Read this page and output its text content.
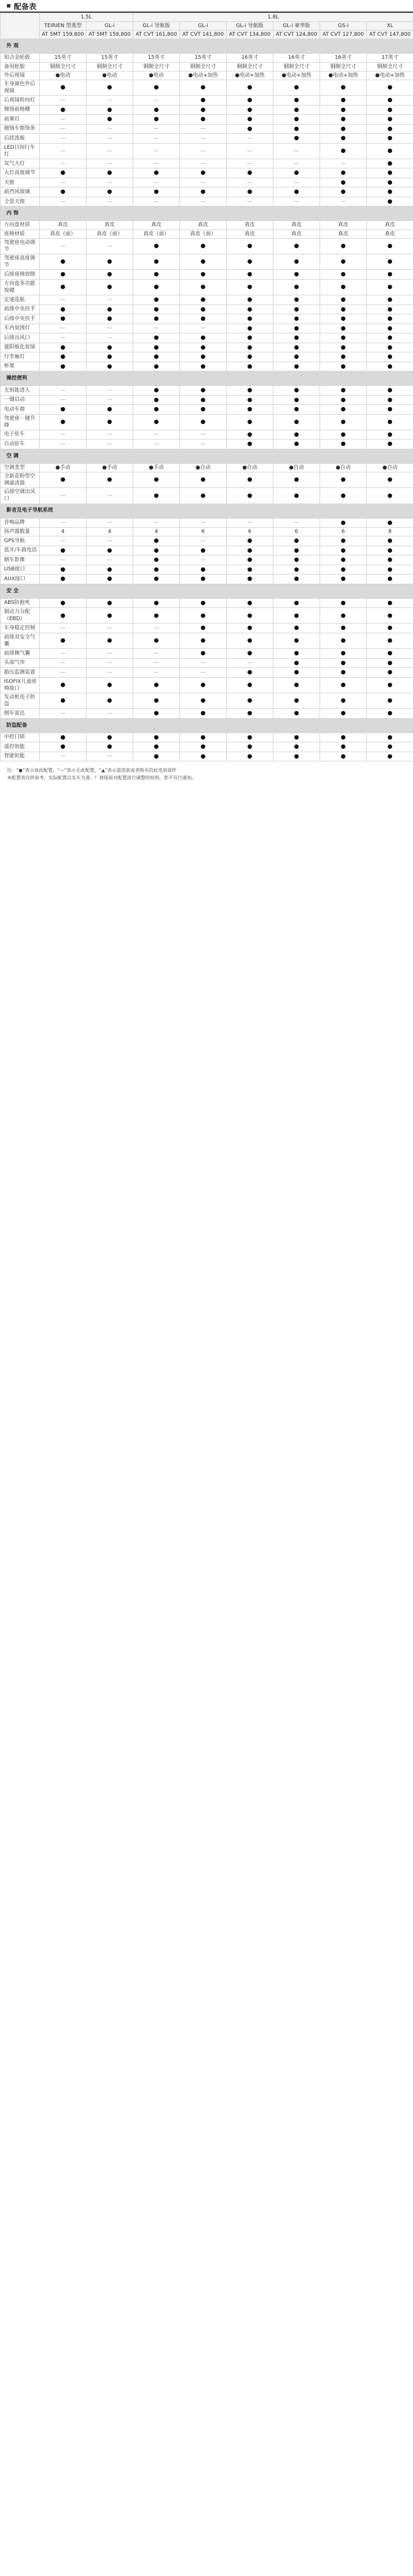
配备表
	1.5L		1.8L					
	TEIRIEN 型基型	GL-i	GL-i 导航版	GL-i	GL-i 导航版	GL-i 豪华版	GS-i	XL
	AT 5MT 159,800	AT 5MT 159,800	AT CVT 161,800	AT CVT 141,800	AT CVT 134,800	AT CVT 124,800	AT CVT 127,800	AT CVT 147,800
外 观								
铝合金轮毂	15英寸	15英寸	15英寸	15英寸	16英寸	16英寸	16英寸	17英寸
备用轮胎	钢制全尺寸	钢制全尺寸	钢制全尺寸	钢制全尺寸	钢制全尺寸	钢制全尺寸	钢制全尺寸	钢制全尺寸
外后视镜	●电动	●电动	●电动	●电动+加热	●电动+加热	●电动+加热	●电动+加热	●电动+加热
车身颜色外后视镜	●	●	●	●	●	●	●	●
后视镜转向灯	—	—	—	●	●	●	●	●
镀铬前格栅	●	●	●	●	●	●	●	●
前雾灯	—	●	●	●	●	●	●	●
镀铬车窗饰条	—	—	—	—	●	●	●	●
后扰流板	—	—	—	—	—	●	●	●
LED日间行车灯	—	—	—	—	—	—	●	●
氙气大灯	—	—	—	—	—	—	—	●
大灯高度调节	●	●	●	●	●	●	●	●
天窗	—	—	—	—	—	—	●	●
前挡风玻璃	●	●	●	●	●	●	●	●
全景天窗	—	—	—	—	—	—	—	●
内 饰								
方向盘材质	真皮	真皮	真皮	真皮	真皮	真皮	真皮	真皮
座椅材质	真皮（前）	真皮（前）	真皮（前）	真皮（前）	真皮	真皮	真皮	真皮
驾驶座电动调节	—	—	●	●	●	●	●	●
驾驶座高度调节	●	●	●	●	●	●	●	●
后排座椅放倒	●	●	●	●	●	●	●	●
方向盘多功能按键	●	●	●	●	●	●	●	●
定速巡航	—	—	●	●	●	●	●	●
前排中央扶手	●	●	●	●	●	●	●	●
后排中央扶手	●	●	●	●	●	●	●	●
车内氛围灯	—	—	—	—	●	●	●	●
后排出风口	—	—	●	●	●	●	●	●
遮阳板化妆镜	●	●	●	●	●	●	●	●
行李厢灯	●	●	●	●	●	●	●	●
杯架	●	●	●	●	●	●	●	●
操控便利								
无钥匙进入	—	—	●	●	●	●	●	●
一键启动	—	—	●	●	●	●	●	●
电动车窗	●	●	●	●	●	●	●	●
驾驶座一键升降	●	●	●	●	●	●	●	●
电子驻车	—	—	—	—	●	●	●	●
自动驻车	—	—	—	—	●	●	●	●
空 调								
空调类型	●手动	●手动	●手动	●自动	●自动	●自动	●自动	●自动
全新花粉型空调滤清器	●	●	●	●	●	●	●	●
后排空调出风口	—	—	●	●	●	●	●	●
影音及电子导航系统								
音响品牌	—	—	—	—	—	—	●	●
扬声器数量	4	4	4	6	6	6	6	8
GPS导航	—	—	●	—	●	●	●	●
蓝牙/车载电话	●	●	●	●	●	●	●	●
倒车影像	—	—	●	—	●	●	●	●
USB接口	●	●	●	●	●	●	●	●
AUX接口	●	●	●	●	●	●	●	●
安 全								
ABS防抱死	●	●	●	●	●	●	●	●
制动力分配（EBD）	●	●	●	●	●	●	●	●
车身稳定控制	—	—	—	●	●	●	●	●
前排双安全气囊	●	●	●	●	●	●	●	●
前排侧气囊	—	—	—	●	●	●	●	●
头部气帘	—	—	—	—	—	●	●	●
胎压监测装置	—	—	—	—	●	●	●	●
ISOFIX儿童座椅接口	●	●	●	●	●	●	●	●
发动机电子防盗	●	●	●	●	●	●	●	●
倒车雷达	—	—	●	●	●	●	●	●
防盗配备								
中控门锁	●	●	●	●	●	●	●	●
遥控钥匙	●	●	●	●	●	●	●	●
智能钥匙	—	—	●	●	●	●	●	●
注：“●”表示该此配置，“—”表示无此配置，“▲”表示需选装或者购买的此选装部件
本配置表仅供参考，实际配置以实车为准。厂商保留对配置进行调整的权利，恕不另行通知。
